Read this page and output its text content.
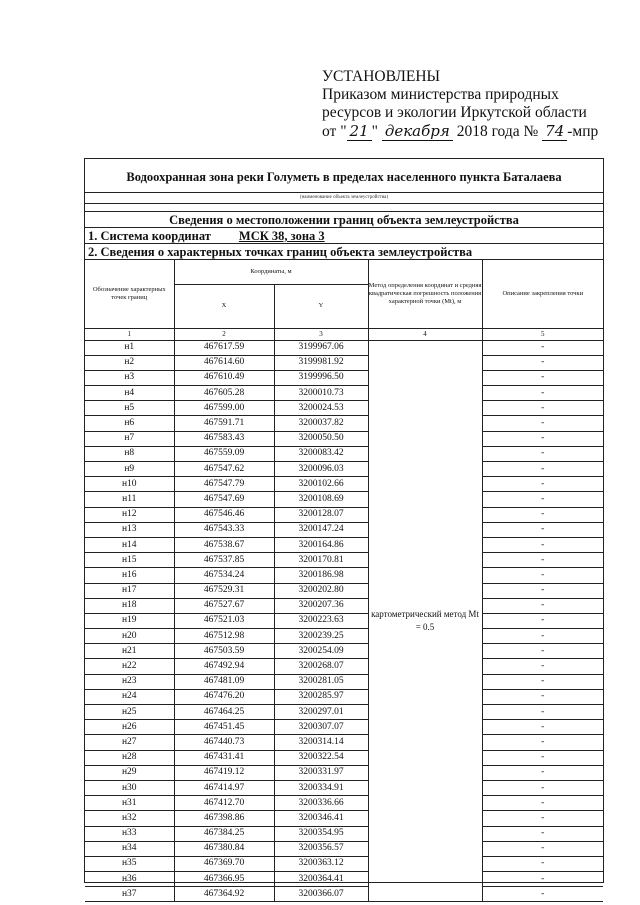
УСТАНОВЛЕНЫ
Приказом министерства природных
ресурсов и экологии Иркутской области
от " 21 " декабря 2018 года № 74 -мпр
Водоохранная зона реки Голуметь в пределах населенного пункта Баталаева
(наименование объекта землеустройства)
Сведения о местоположении границ объекта землеустройства
1. Система координат МСК 38, зона 3
2. Сведения о характерных точках границ объекта землеустройства
Обозначение характерных точек границ	Координаты, м		Метод определения координат и средняя квадратическая погрешность положения характерной точки (Mt), м	Описание закрепления точки
	X	Y		
1	2	3	4	5
н1	467617.59	3199967.06	картометрический метод Mt = 0.5	-
н2	467614.60	3199981.92		-
н3	467610.49	3199996.50		-
н4	467605.28	3200010.73		-
н5	467599.00	3200024.53		-
н6	467591.71	3200037.82		-
н7	467583.43	3200050.50		-
н8	467559.09	3200083.42		-
н9	467547.62	3200096.03		-
н10	467547.79	3200102.66		-
н11	467547.69	3200108.69		-
н12	467546.46	3200128.07		-
н13	467543.33	3200147.24		-
н14	467538.67	3200164.86		-
н15	467537.85	3200170.81		-
н16	467534.24	3200186.98		-
н17	467529.31	3200202.80		-
н18	467527.67	3200207.36		-
н19	467521.03	3200223.63		-
н20	467512.98	3200239.25		-
н21	467503.59	3200254.09		-
н22	467492.94	3200268.07		-
н23	467481.09	3200281.05		-
н24	467476.20	3200285.97		-
н25	467464.25	3200297.01		-
н26	467451.45	3200307.07		-
н27	467440.73	3200314.14		-
н28	467431.41	3200322.54		-
н29	467419.12	3200331.97		-
н30	467414.97	3200334.91		-
н31	467412.70	3200336.66		-
н32	467398.86	3200346.41		-
н33	467384.25	3200354.95		-
н34	467380.84	3200356.57		-
н35	467369.70	3200363.12		-
н36	467366.95	3200364.41		-
н37	467364.92	3200366.07		-
